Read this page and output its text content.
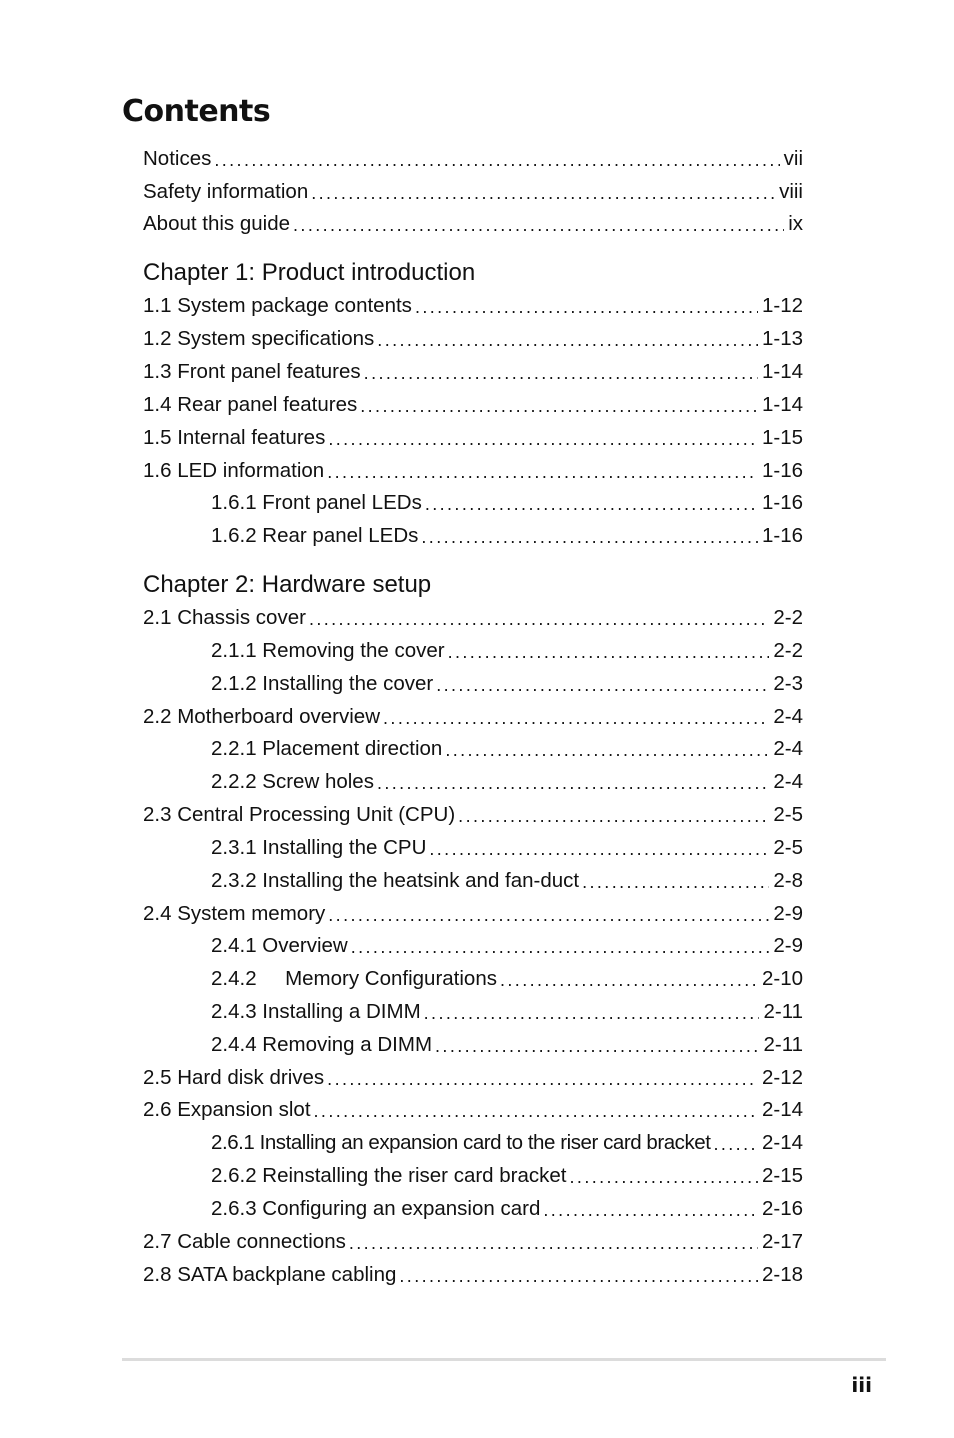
Contents
Notices .....	vii
Safety information .....	viii
About this guide .....	ix
Chapter 1: Product introduction
1.1 System package contents .....	1-12
1.2 System specifications .....	1-13
1.3 Front panel features .....	1-14
1.4 Rear panel features .....	1-14
1.5 Internal features .....	1-15
1.6 LED information .....	1-16
1.6.1 Front panel LEDs .....	1-16
1.6.2 Rear panel LEDs .....	1-16
Chapter 2: Hardware setup
2.1 Chassis cover .....	2-2
2.1.1 Removing the cover .....	2-2
2.1.2 Installing the cover .....	2-3
2.2 Motherboard overview .....	2-4
2.2.1 Placement direction .....	2-4
2.2.2 Screw holes .....	2-4
2.3 Central Processing Unit (CPU) .....	2-5
2.3.1 Installing the CPU .....	2-5
2.3.2 Installing the heatsink and fan-duct .....	2-8
2.4 System memory .....	2-9
2.4.1 Overview .....	2-9
2.4.2     Memory Configurations .....	2-10
2.4.3 Installing a DIMM .....	2-11
2.4.4 Removing a DIMM .....	2-11
2.5 Hard disk drives .....	2-12
2.6 Expansion slot .....	2-14
2.6.1 Installing an expansion card to the riser card bracket .....	2-14
2.6.2 Reinstalling the riser card bracket .....	2-15
2.6.3 Configuring an expansion card .....	2-16
2.7 Cable connections .....	2-17
2.8 SATA backplane cabling .....	2-18
iii
